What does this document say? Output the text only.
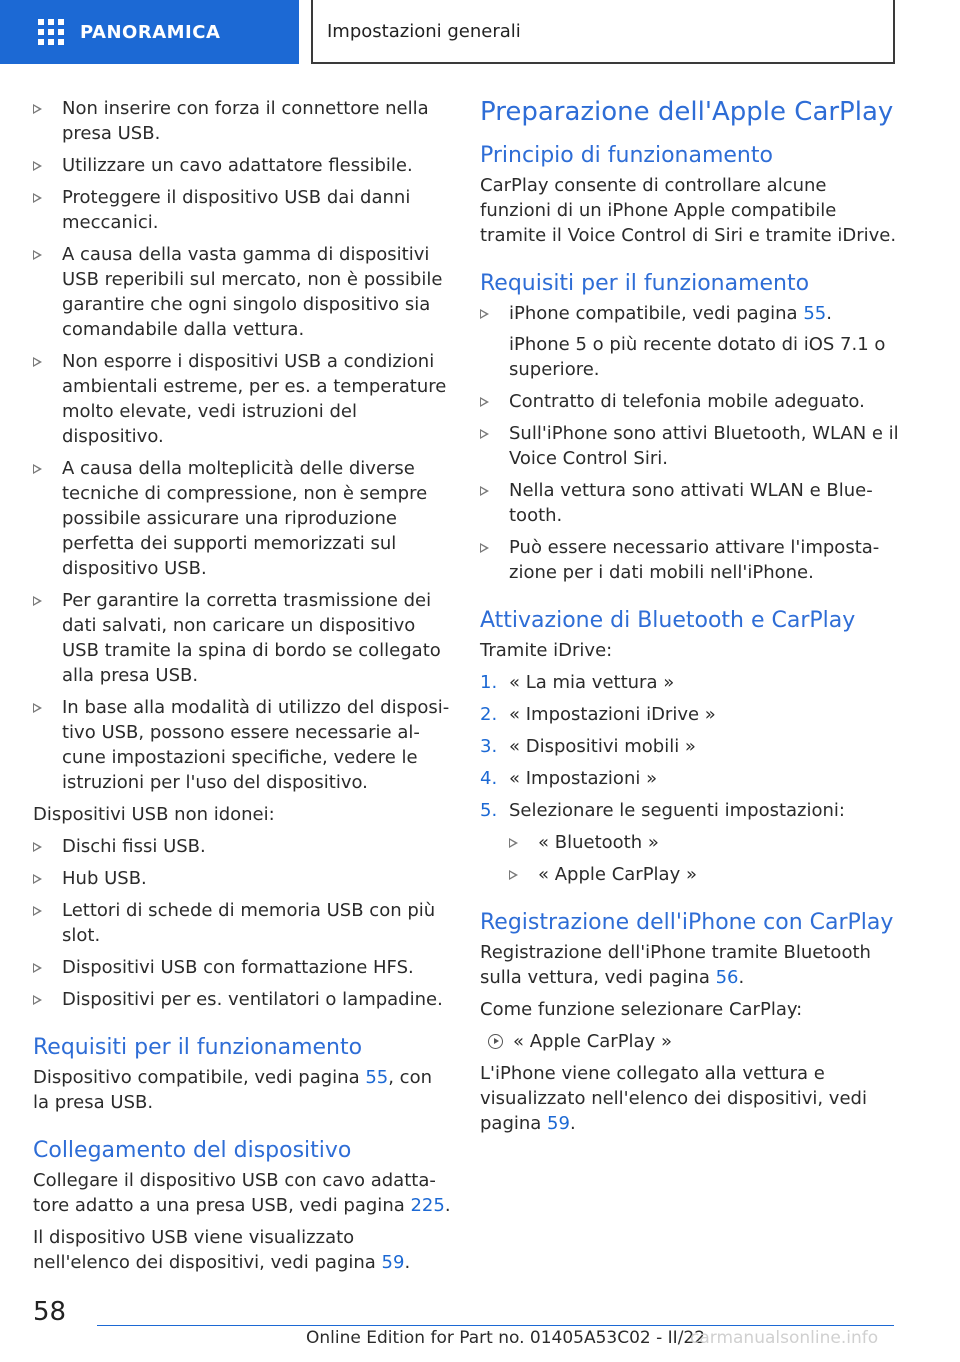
PANORAMICA	Impostazioni generali
Non inserire con forza il connettore nella presa USB.
Utilizzare un cavo adattatore flessibile.
Proteggere il dispositivo USB dai danni meccanici.
A causa della vasta gamma di dispositivi USB reperibili sul mercato, non è possibile garantire che ogni singolo dispositivo sia comandabile dalla vettura.
Non esporre i dispositivi USB a condizioni ambientali estreme, per es. a temperature molto elevate, vedi istruzioni del dispositivo.
A causa della molteplicità delle diverse tecniche di compressione, non è sempre possibile assicurare una riproduzione perfetta dei supporti memorizzati sul dispositivo USB.
Per garantire la corretta trasmissione dei dati salvati, non caricare un dispositivo USB tramite la spina di bordo se collegato alla presa USB.
In base alla modalità di utilizzo del dispositivo USB, possono essere necessarie alcune impostazioni specifiche, vedere le istruzioni per l'uso del dispositivo.

Dispositivi USB non idonei:

Dischi fissi USB.
Hub USB.
Lettori di schede di memoria USB con più slot.
Dispositivi USB con formattazione HFS.
Dispositivi per es. ventilatori o lampadine.
Requisiti per il funzionamento

Dispositivo compatibile, vedi pagina 55, con la presa USB.

Collegamento del dispositivo

Collegare il dispositivo USB con cavo adattatore adatto a una presa USB, vedi pagina 225.

Il dispositivo USB viene visualizzato nell'elenco dei dispositivi, vedi pagina 59.

Preparazione dell'Apple CarPlay
Principio di funzionamento

CarPlay consente di controllare alcune funzioni di un iPhone Apple compatibile tramite il Voice Control di Siri e tramite iDrive.

Requisiti per il funzionamento

iPhone compatibile, vedi pagina 55.

iPhone 5 o più recente dotato di iOS 7.1 o superiore.

Contratto di telefonia mobile adeguato.
Sull'iPhone sono attivi Bluetooth, WLAN e il Voice Control Siri.
Nella vettura sono attivati WLAN e Bluetooth.
Può essere necessario attivare l'impostazione per i dati mobili nell'iPhone.
Attivazione di Bluetooth e CarPlay

Tramite iDrive:

1. « La mia vettura »
2. « Impostazioni iDrive »
3. « Dispositivi mobili »
4. « Impostazioni »
5. Selezionare le seguenti impostazioni:
« Bluetooth »
« Apple CarPlay »
Registrazione dell'iPhone con CarPlay

Registrazione dell'iPhone tramite Bluetooth sulla vettura, vedi pagina 56.

Come funzione selezionare CarPlay:

« Apple CarPlay »

L'iPhone viene collegato alla vettura e visualizzato nell'elenco dei dispositivi, vedi pagina 59.

58
Online Edition for Part no. 01405A53C02 - II/22
carmanualsonline.info
